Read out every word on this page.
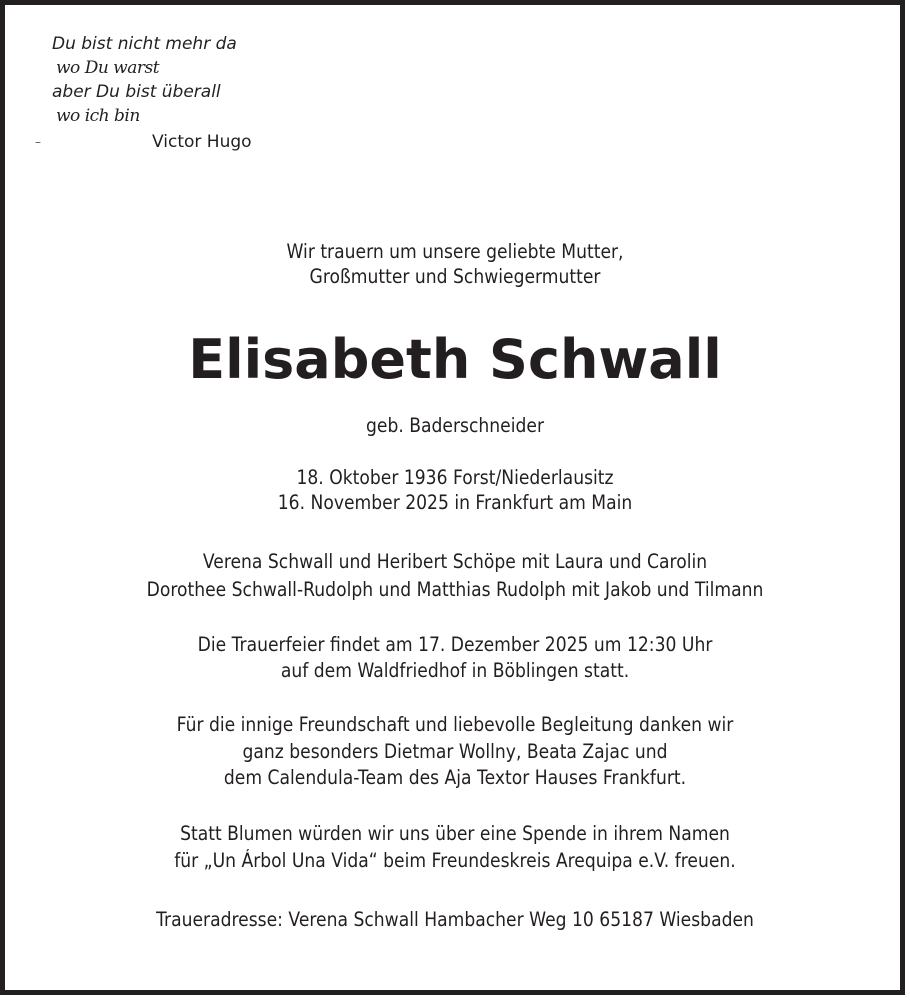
Du bist nicht mehr da
wo Du warst
aber Du bist überall
wo ich bin
–	Victor Hugo
Wir trauern um unsere geliebte Mutter,
Großmutter und Schwiegermutter
Elisabeth Schwall
geb. Baderschneider
18. Oktober 1936 Forst/Niederlausitz
16. November 2025 in Frankfurt am Main
Verena Schwall und Heribert Schöpe mit Laura und Carolin
Dorothee Schwall-Rudolph und Matthias Rudolph mit Jakob und Tilmann
Die Trauerfeier findet am 17. Dezember 2025 um 12:30 Uhr
auf dem Waldfriedhof in Böblingen statt.
Für die innige Freundschaft und liebevolle Begleitung danken wir
ganz besonders Dietmar Wollny, Beata Zajac und
dem Calendula-Team des Aja Textor Hauses Frankfurt.
Statt Blumen würden wir uns über eine Spende in ihrem Namen
für „Un Árbol Una Vida“ beim Freundeskreis Arequipa e.V. freuen.
Traueradresse: Verena Schwall Hambacher Weg 10 65187 Wiesbaden
